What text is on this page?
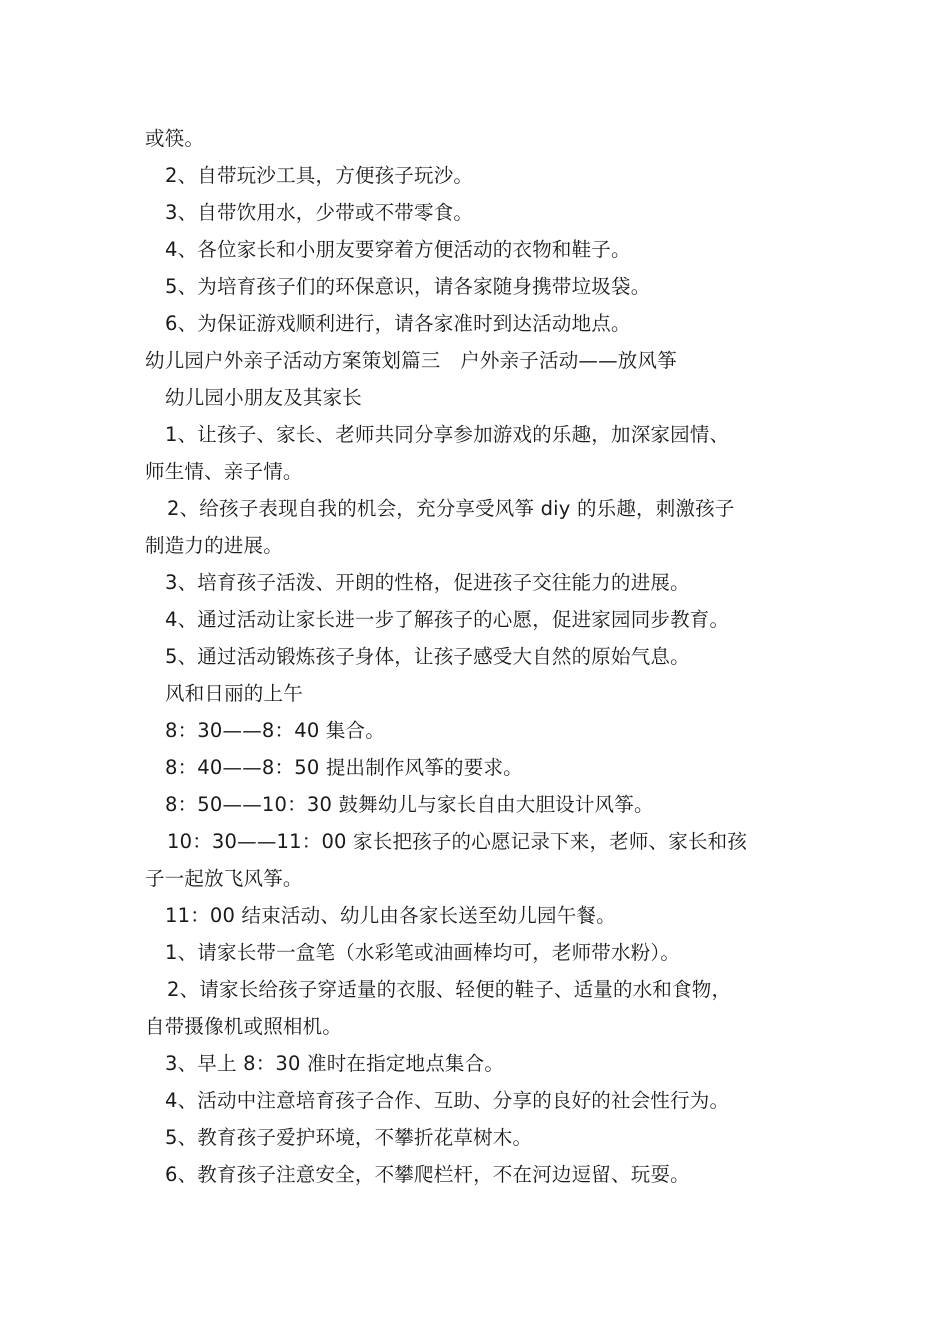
或筷。
2、自带玩沙工具，方便孩子玩沙。
3、自带饮用水，少带或不带零食。
4、各位家长和小朋友要穿着方便活动的衣物和鞋子。
5、为培育孩子们的环保意识，请各家随身携带垃圾袋。
6、为保证游戏顺利进行，请各家准时到达活动地点。
幼儿园户外亲子活动方案策划篇三　户外亲子活动——放风筝
幼儿园小朋友及其家长
1、让孩子、家长、老师共同分享参加游戏的乐趣，加深家园情、
师生情、亲子情。
2、给孩子表现自我的机会，充分享受风筝 diy 的乐趣，刺激孩子
制造力的进展。
3、培育孩子活泼、开朗的性格，促进孩子交往能力的进展。
4、通过活动让家长进一步了解孩子的心愿，促进家园同步教育。
5、通过活动锻炼孩子身体，让孩子感受大自然的原始气息。
风和日丽的上午
8：30——8：40 集合。
8：40——8：50 提出制作风筝的要求。
8：50——10：30 鼓舞幼儿与家长自由大胆设计风筝。
10：30——11：00 家长把孩子的心愿记录下来，老师、家长和孩
子一起放飞风筝。
11：00 结束活动、幼儿由各家长送至幼儿园午餐。
1、请家长带一盒笔（水彩笔或油画棒均可，老师带水粉）。
2、请家长给孩子穿适量的衣服、轻便的鞋子、适量的水和食物，
自带摄像机或照相机。
3、早上 8：30 准时在指定地点集合。
4、活动中注意培育孩子合作、互助、分享的良好的社会性行为。
5、教育孩子爱护环境，不攀折花草树木。
6、教育孩子注意安全，不攀爬栏杆，不在河边逗留、玩耍。
